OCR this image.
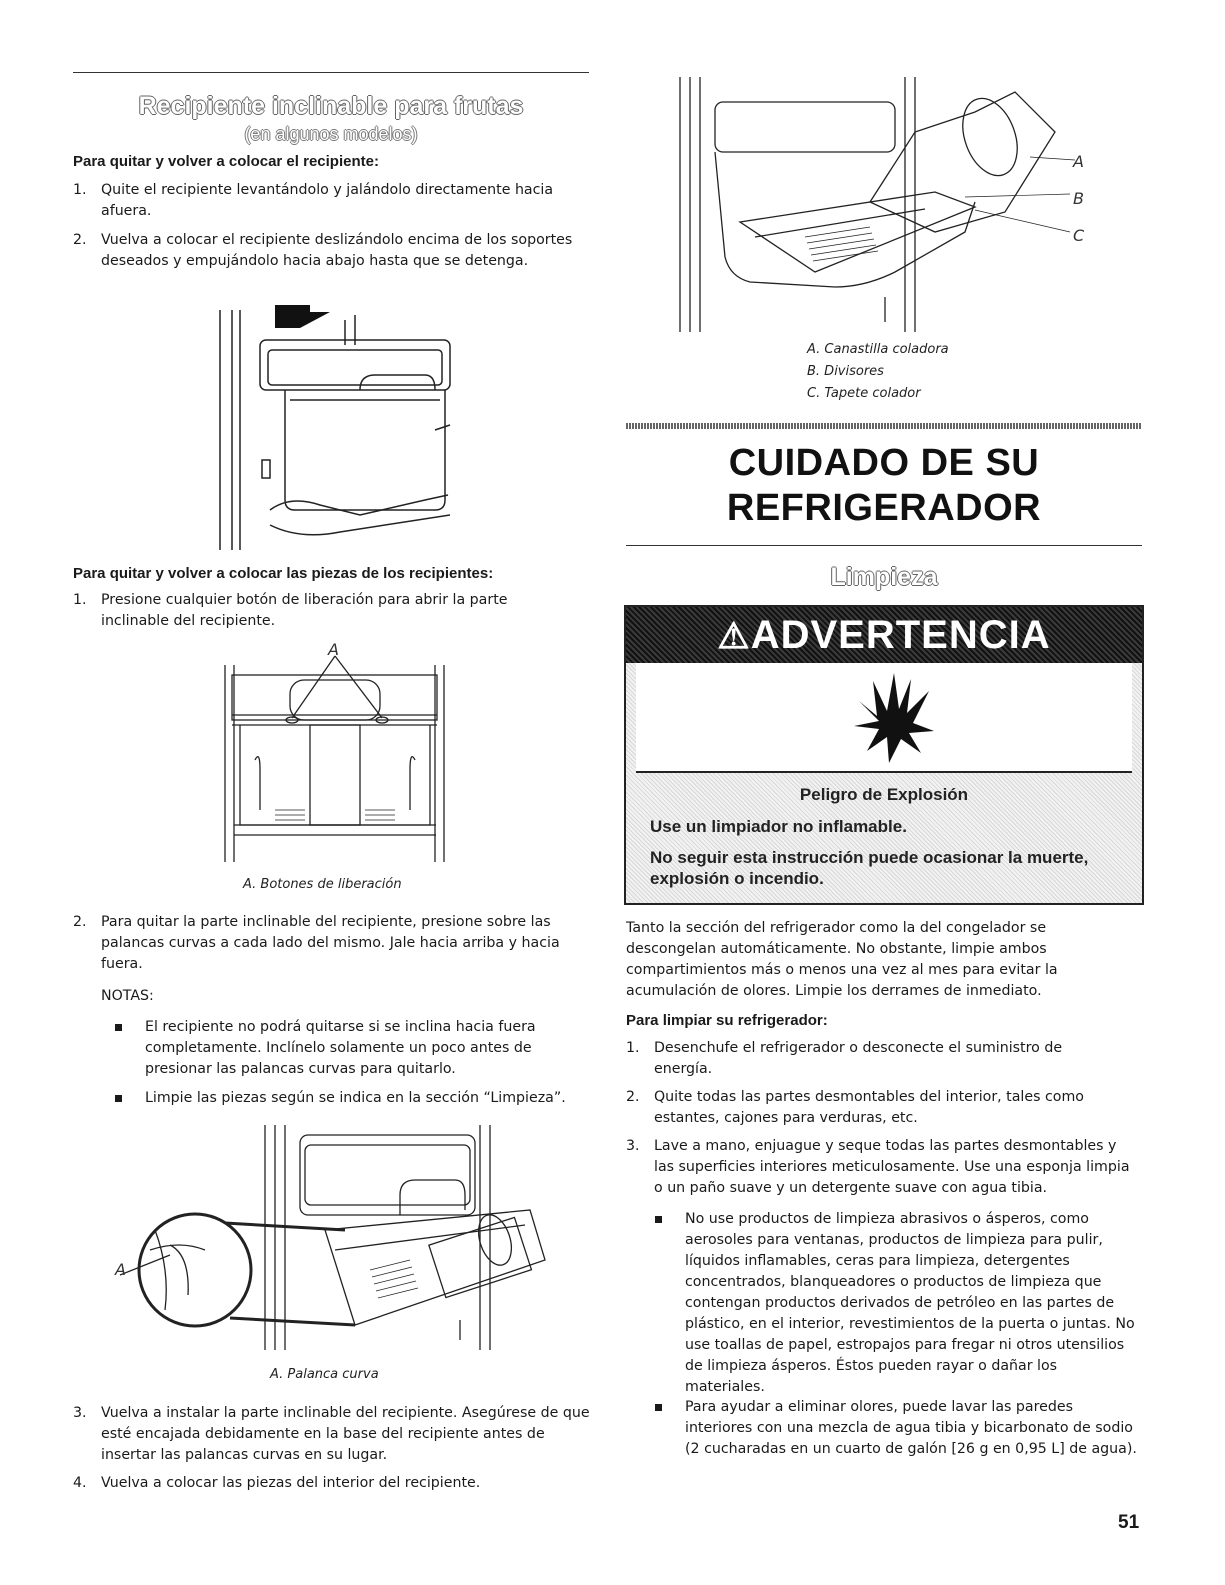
Recipiente inclinable para frutas
(en algunos modelos)
Para quitar y volver a colocar el recipiente:
1. Quite el recipiente levantándolo y jalándolo directamente hacia afuera.
2. Vuelva a colocar el recipiente deslizándolo encima de los soportes deseados y empujándolo hacia abajo hasta que se detenga.
Para quitar y volver a colocar las piezas de los recipientes:
1. Presione cualquier botón de liberación para abrir la parte inclinable del recipiente.
A
A. Botones de liberación
2. Para quitar la parte inclinable del recipiente, presione sobre las palancas curvas a cada lado del mismo. Jale hacia arriba y hacia fuera.
NOTAS:
El recipiente no podrá quitarse si se inclina hacia fuera completamente. Inclínelo solamente un poco antes de presionar las palancas curvas para quitarlo.
Limpie las piezas según se indica en la sección “Limpieza”.
A
A. Palanca curva
3. Vuelva a instalar la parte inclinable del recipiente. Asegúrese de que esté encajada debidamente en la base del recipiente antes de insertar las palancas curvas en su lugar.
4. Vuelva a colocar las piezas del interior del recipiente.
A
B
C
A. Canastilla coladora
B. Divisores
C. Tapete colador
CUIDADO DE SU
REFRIGERADOR
Limpieza
⚠ADVERTENCIA
Peligro de Explosión
Use un limpiador no inflamable.
No seguir esta instrucción puede ocasionar la muerte, explosión o incendio.
Tanto la sección del refrigerador como la del congelador se descongelan automáticamente. No obstante, limpie ambos compartimientos más o menos una vez al mes para evitar la acumulación de olores. Limpie los derrames de inmediato.
Para limpiar su refrigerador:
1. Desenchufe el refrigerador o desconecte el suministro de energía.
2. Quite todas las partes desmontables del interior, tales como estantes, cajones para verduras, etc.
3. Lave a mano, enjuague y seque todas las partes desmontables y las superficies interiores meticulosamente. Use una esponja limpia o un paño suave y un detergente suave con agua tibia.
No use productos de limpieza abrasivos o ásperos, como aerosoles para ventanas, productos de limpieza para pulir, líquidos inflamables, ceras para limpieza, detergentes concentrados, blanqueadores o productos de limpieza que contengan productos derivados de petróleo en las partes de plástico, en el interior, revestimientos de la puerta o juntas. No use toallas de papel, estropajos para fregar ni otros utensilios de limpieza ásperos. Éstos pueden rayar o dañar los materiales.
Para ayudar a eliminar olores, puede lavar las paredes interiores con una mezcla de agua tibia y bicarbonato de sodio (2 cucharadas en un cuarto de galón [26 g en 0,95 L] de agua).
51
